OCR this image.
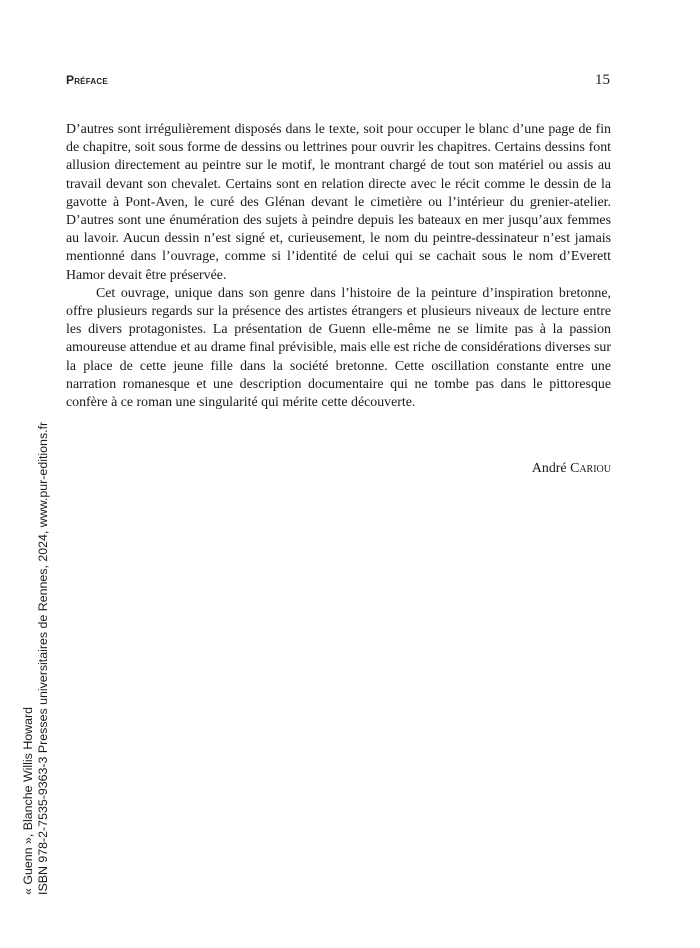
Préface	15

D’autres sont irrégulièrement disposés dans le texte, soit pour occuper le blanc d’une page de fin de chapitre, soit sous forme de dessins ou lettrines pour ouvrir les chapitres. Certains dessins font allusion directement au peintre sur le motif, le montrant chargé de tout son matériel ou assis au travail devant son chevalet. Certains sont en relation directe avec le récit comme le dessin de la gavotte à Pont-Aven, le curé des Glénan devant le cimetière ou l’intérieur du grenier-atelier. D’autres sont une énumération des sujets à peindre depuis les bateaux en mer jusqu’aux femmes au lavoir. Aucun dessin n’est signé et, curieusement, le nom du peintre-dessinateur n’est jamais mentionné dans l’ouvrage, comme si l’identité de celui qui se cachait sous le nom d’Everett Hamor devait être préservée.

Cet ouvrage, unique dans son genre dans l’histoire de la peinture d’inspiration bretonne, offre plusieurs regards sur la présence des artistes étrangers et plusieurs niveaux de lecture entre les divers protagonistes. La présentation de Guenn elle-même ne se limite pas à la passion amoureuse attendue et au drame final prévisible, mais elle est riche de considérations diverses sur la place de cette jeune fille dans la société bretonne. Cette oscillation constante entre une narration romanesque et une description documentaire qui ne tombe pas dans le pittoresque confère à ce roman une singularité qui mérite cette découverte.

André Cariou
« Guenn », Blanche Willis Howard ISBN 978-2-7535-9363-3 Presses universitaires de Rennes, 2024, www.pur-editions.fr
